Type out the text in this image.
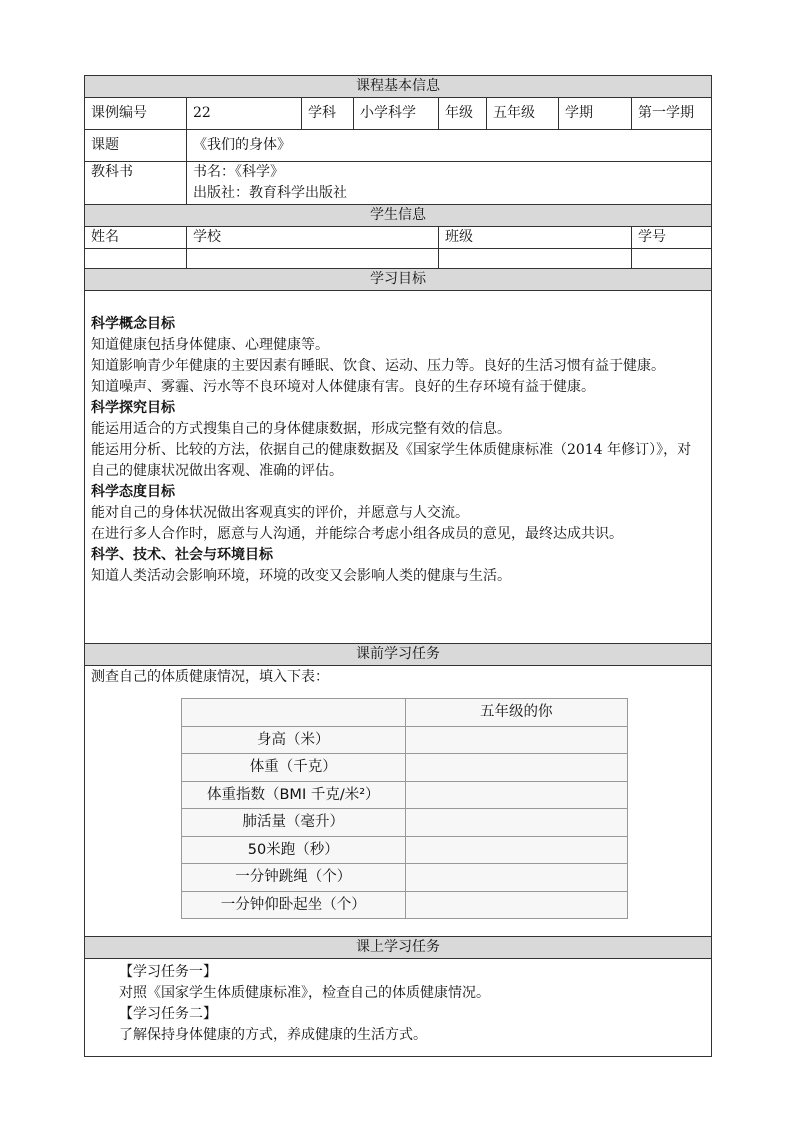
课程基本信息
课例编号	22	学科	小学科学	年级	五年级	学期	第一学期
课题	《我们的身体》
教科书	书名：《科学》
出版社：教育科学出版社

学生信息
姓名	学校	班级	学号

学习目标

科学概念目标

知道健康包括身体健康、心理健康等。

知道影响青少年健康的主要因素有睡眠、饮食、运动、压力等。良好的生活习惯有益于健康。

知道噪声、雾霾、污水等不良环境对人体健康有害。良好的生存环境有益于健康。

科学探究目标

能运用适合的方式搜集自己的身体健康数据，形成完整有效的信息。

能运用分析、比较的方法，依据自己的健康数据及《国家学生体质健康标准（2014 年修订）》，对自己的健康状况做出客观、准确的评估。

科学态度目标

能对自己的身体状况做出客观真实的评价，并愿意与人交流。

在进行多人合作时，愿意与人沟通，并能综合考虑小组各成员的意见，最终达成共识。

科学、技术、社会与环境目标

知道人类活动会影响环境，环境的改变又会影响人类的健康与生活。

课前学习任务

测查自己的体质健康情况，填入下表：
	五年级的你
身高（米）	
体重（千克）	
体重指数（BMI 千克/米²）	
肺活量（毫升）	
50米跑（秒）	
一分钟跳绳（个）	
一分钟仰卧起坐（个）	

课上学习任务

【学习任务一】

对照《国家学生体质健康标准》，检查自己的体质健康情况。

【学习任务二】

了解保持身体健康的方式，养成健康的生活方式。
